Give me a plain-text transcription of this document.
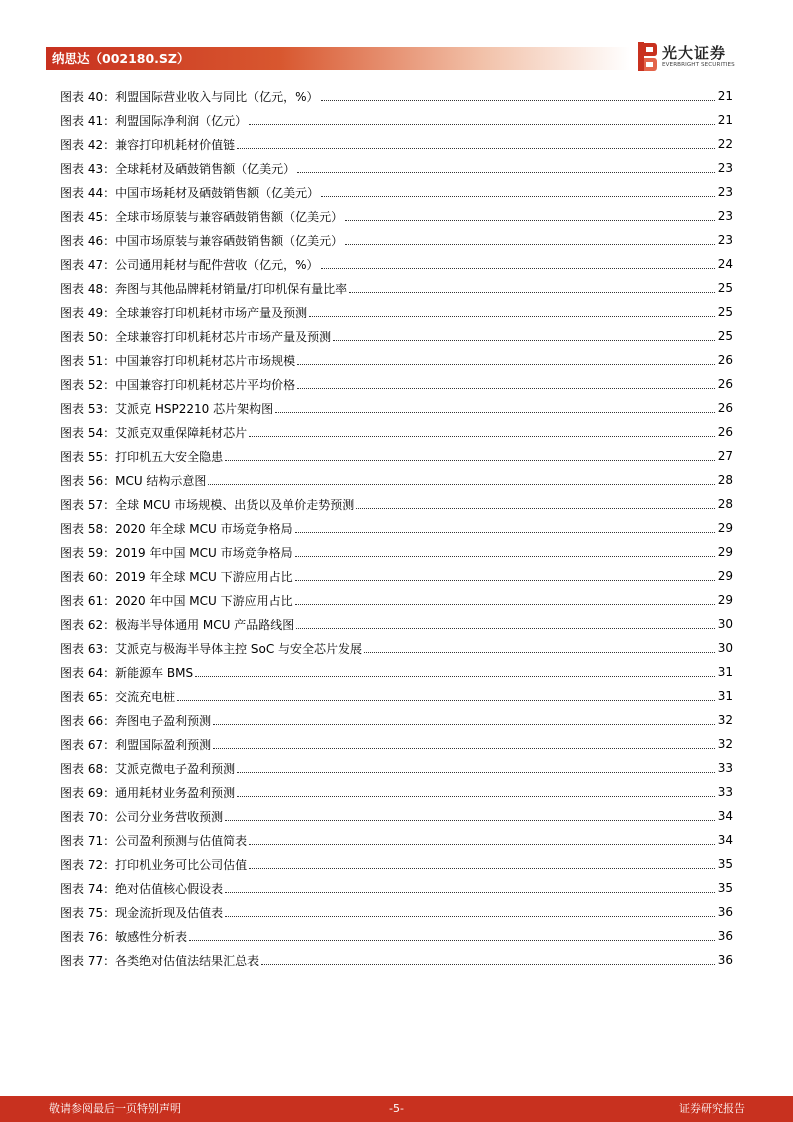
纳思达（002180.SZ）	光大证券
EVERBRIGHT SECURITIES
图表 40：利盟国际营业收入与同比（亿元，%）	21
图表 41：利盟国际净利润（亿元）	21
图表 42：兼容打印机耗材价值链	22
图表 43：全球耗材及硒鼓销售额（亿美元）	23
图表 44：中国市场耗材及硒鼓销售额（亿美元）	23
图表 45：全球市场原装与兼容硒鼓销售额（亿美元）	23
图表 46：中国市场原装与兼容硒鼓销售额（亿美元）	23
图表 47：公司通用耗材与配件营收（亿元，%）	24
图表 48：奔图与其他品牌耗材销量/打印机保有量比率	25
图表 49：全球兼容打印机耗材市场产量及预测	25
图表 50：全球兼容打印机耗材芯片市场产量及预测	25
图表 51：中国兼容打印机耗材芯片市场规模	26
图表 52：中国兼容打印机耗材芯片平均价格	26
图表 53：艾派克 HSP2210 芯片架构图	26
图表 54：艾派克双重保障耗材芯片	26
图表 55：打印机五大安全隐患	27
图表 56：MCU 结构示意图	28
图表 57：全球 MCU 市场规模、出货以及单价走势预测	28
图表 58：2020 年全球 MCU 市场竞争格局	29
图表 59：2019 年中国 MCU 市场竞争格局	29
图表 60：2019 年全球 MCU 下游应用占比	29
图表 61：2020 年中国 MCU 下游应用占比	29
图表 62：极海半导体通用 MCU 产品路线图	30
图表 63：艾派克与极海半导体主控 SoC 与安全芯片发展	30
图表 64：新能源车 BMS	31
图表 65：交流充电桩	31
图表 66：奔图电子盈利预测	32
图表 67：利盟国际盈利预测	32
图表 68：艾派克微电子盈利预测	33
图表 69：通用耗材业务盈利预测	33
图表 70：公司分业务营收预测	34
图表 71：公司盈利预测与估值简表	34
图表 72：打印机业务可比公司估值	35
图表 74：绝对估值核心假设表	35
图表 75：现金流折现及估值表	36
图表 76：敏感性分析表	36
图表 77：各类绝对估值法结果汇总表	36
敬请参阅最后一页特别声明	-5-	证券研究报告
